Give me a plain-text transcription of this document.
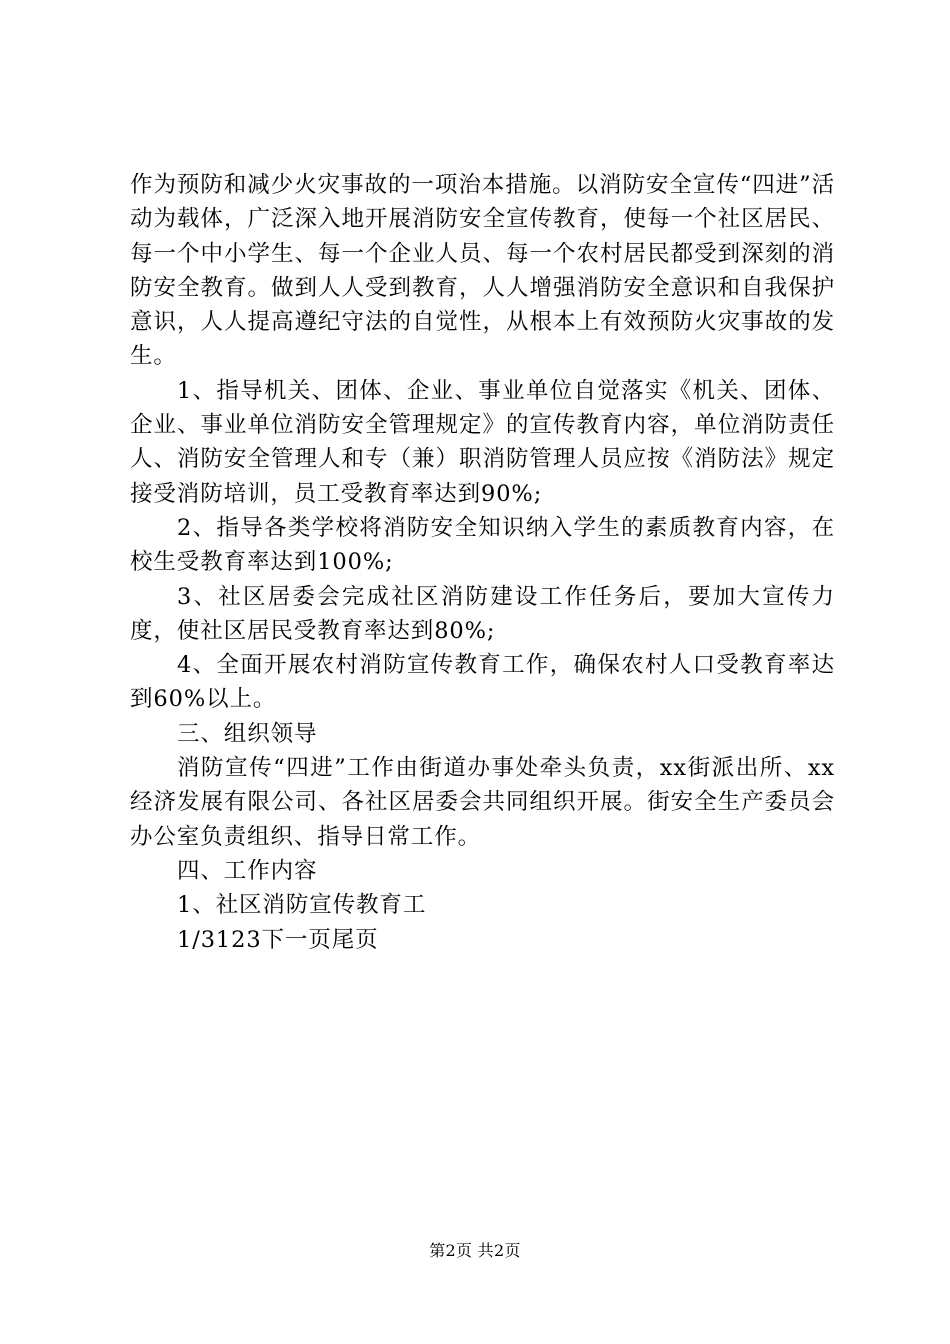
作为预防和减少火灾事故的一项治本措施。以消防安全宣传“四进”活动为载体，广泛深入地开展消防安全宣传教育，使每一个社区居民、每一个中小学生、每一个企业人员、每一个农村居民都受到深刻的消防安全教育。做到人人受到教育，人人增强消防安全意识和自我保护意识，人人提高遵纪守法的自觉性，从根本上有效预防火灾事故的发生。

1、指导机关、团体、企业、事业单位自觉落实《机关、团体、企业、事业单位消防安全管理规定》的宣传教育内容，单位消防责任人、消防安全管理人和专（兼）职消防管理人员应按《消防法》规定接受消防培训，员工受教育率达到90%;

2、指导各类学校将消防安全知识纳入学生的素质教育内容，在校生受教育率达到100%;

3、社区居委会完成社区消防建设工作任务后，要加大宣传力度，使社区居民受教育率达到80%;

4、全面开展农村消防宣传教育工作，确保农村人口受教育率达到60%以上。

三、组织领导

消防宣传“四进”工作由街道办事处牵头负责，xx街派出所、xx经济发展有限公司、各社区居委会共同组织开展。街安全生产委员会办公室负责组织、指导日常工作。

四、工作内容

1、社区消防宣传教育工

1/3123下一页尾页

第2页 共2页
